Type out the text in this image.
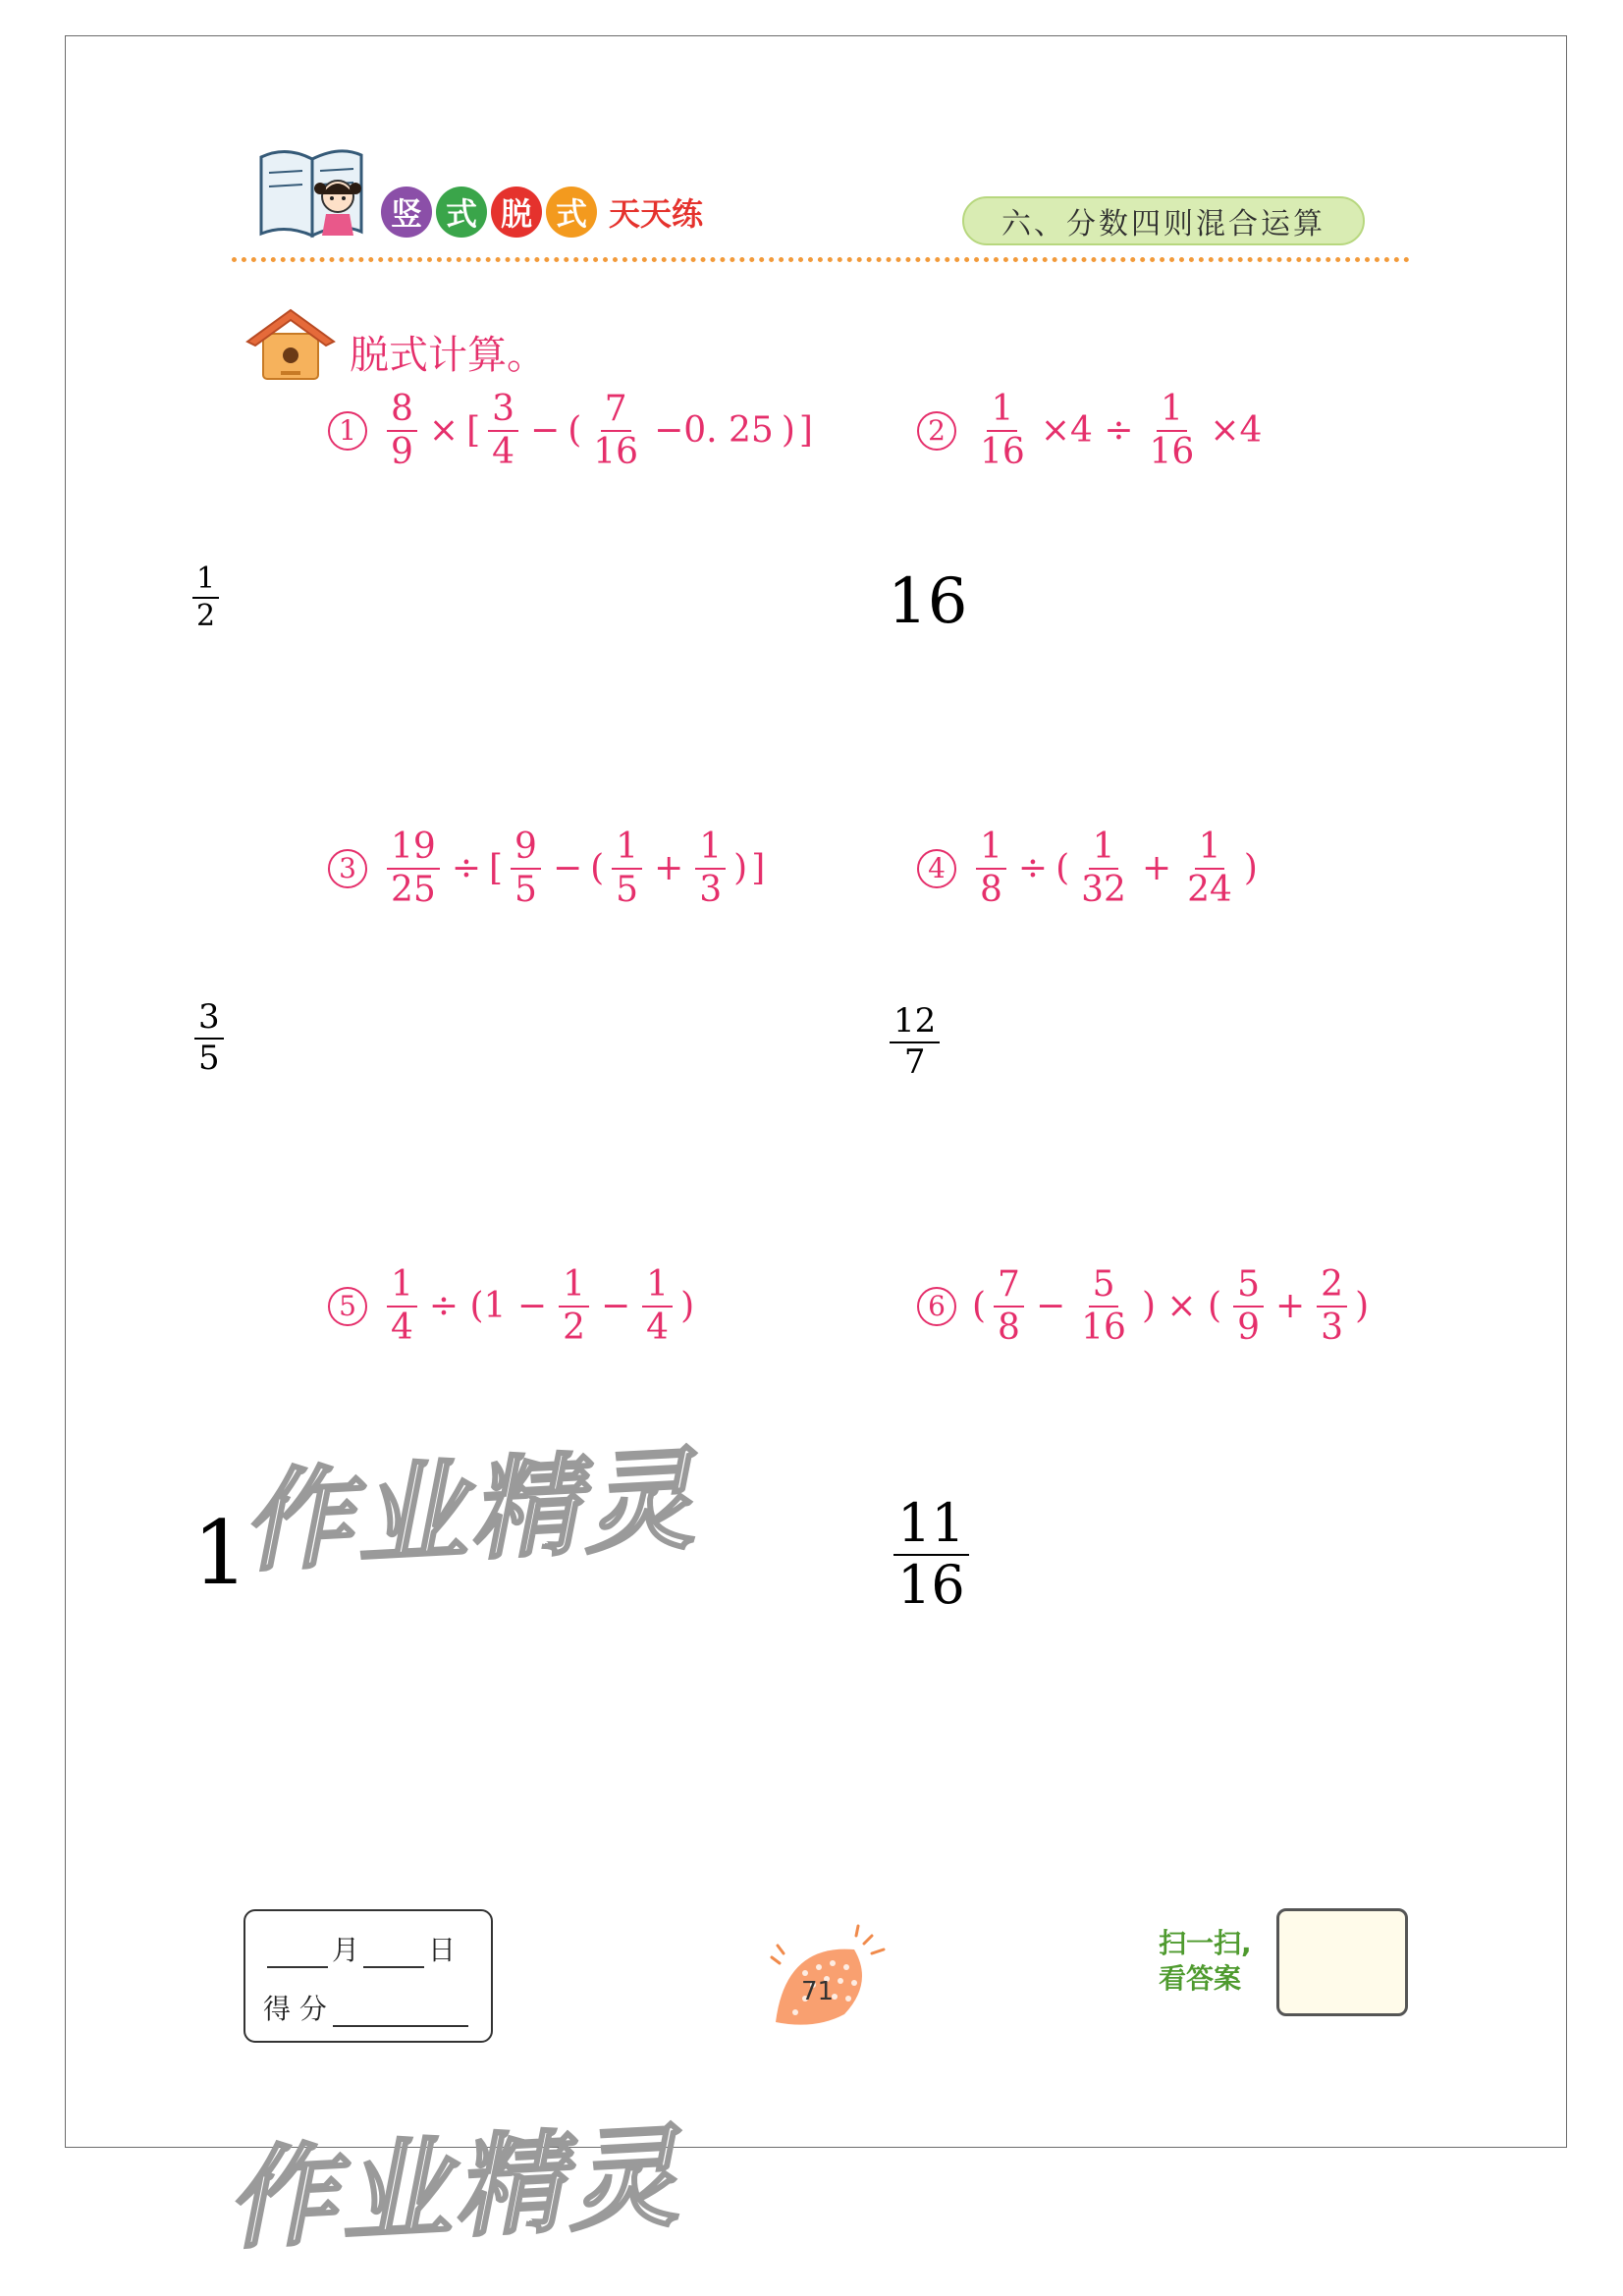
竖 式 脱 式 天天练	六、分数四则混合运算
脱式计算。
$1 \frac{8}{9}$ × [ $\frac{3}{4}$ − ( $\frac{7}{16} -0$. 25 ) ]	$2 \frac{1}{16} \times 4 \div \frac{1}{16} \times 4$
$3 \frac{19}{25}$ ÷ [ $\frac{9}{5}$ − ( $\frac{1}{5} + \frac{1}{3}$ ) ]	$4 \frac{1}{8}$ ÷ ( $\frac{1}{32} + \frac{1}{24}$ )
$5 \frac{1}{4} \div (1 - \frac{1}{2} - \frac{1}{4}$ )	6 ( $\frac{7}{8} - \frac{5}{16}$ ) × ( $\frac{5}{9} + \frac{2}{3}$ )
$\frac{1}{2}$	16
$\frac{3}{5}$	$\frac{12}{7}$
1	$\frac{11}{16}$
作业精灵
作业精灵
月	日
得 分
71
扫一扫,
看答案
